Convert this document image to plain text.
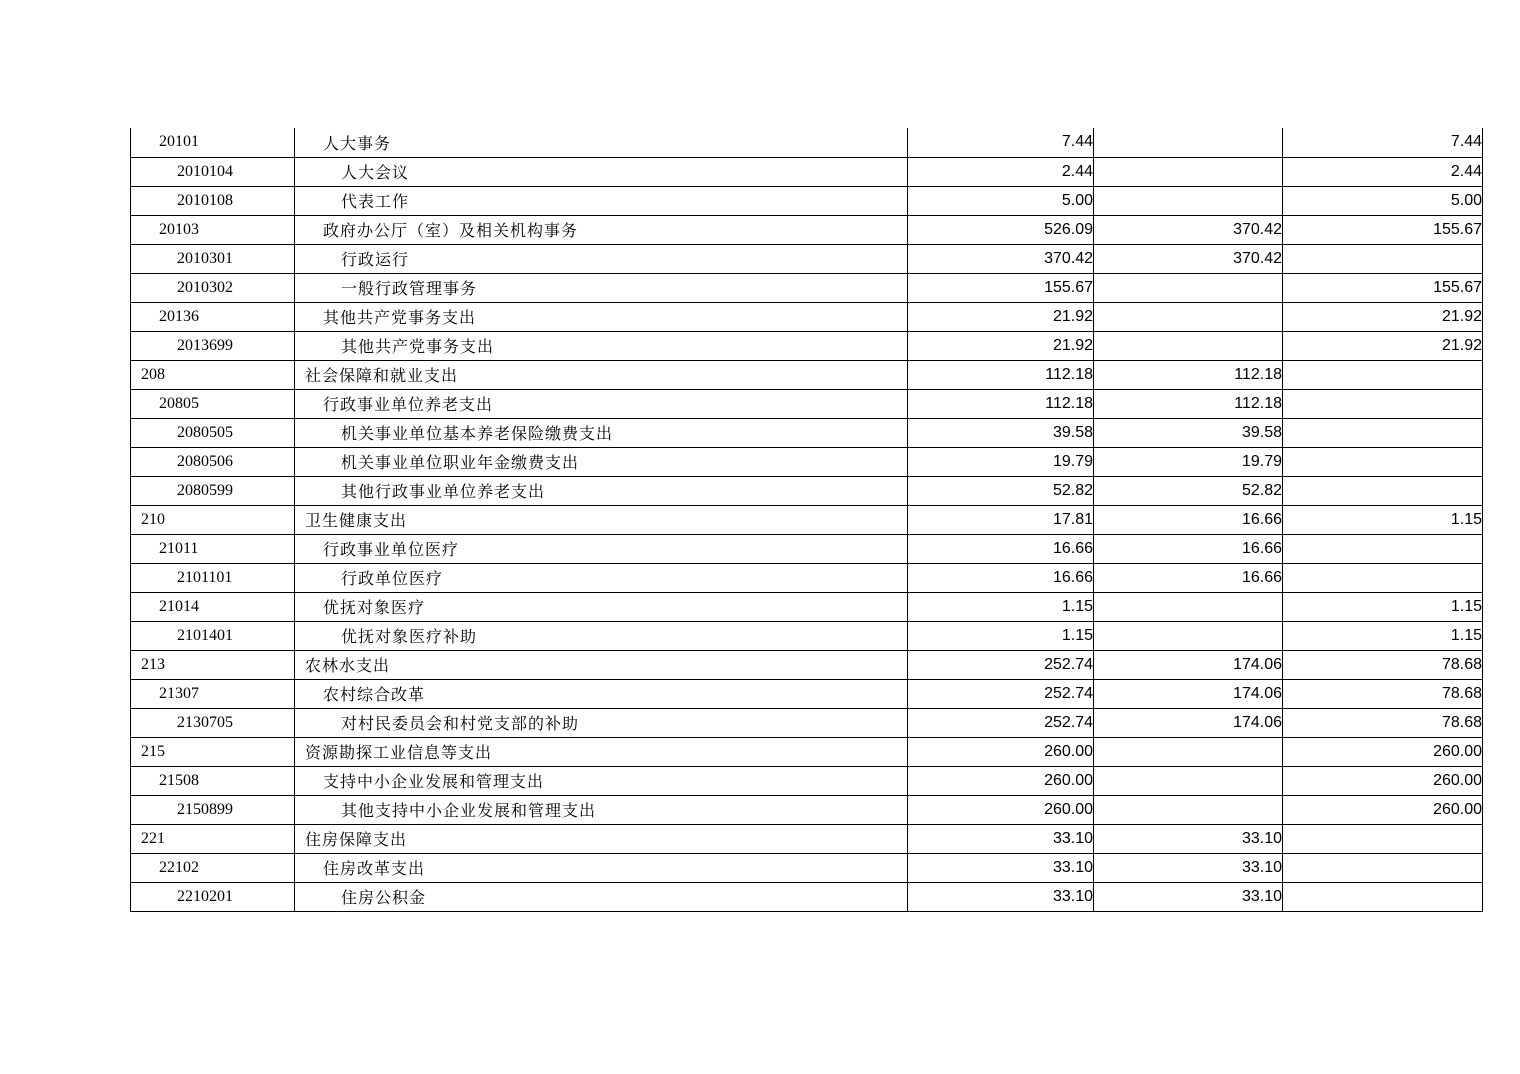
20101	人大事务	7.44		7.44
2010104	人大会议	2.44		2.44
2010108	代表工作	5.00		5.00
20103	政府办公厅（室）及相关机构事务	526.09	370.42	155.67
2010301	行政运行	370.42	370.42	
2010302	一般行政管理事务	155.67		155.67
20136	其他共产党事务支出	21.92		21.92
2013699	其他共产党事务支出	21.92		21.92
208	社会保障和就业支出	112.18	112.18	
20805	行政事业单位养老支出	112.18	112.18	
2080505	机关事业单位基本养老保险缴费支出	39.58	39.58	
2080506	机关事业单位职业年金缴费支出	19.79	19.79	
2080599	其他行政事业单位养老支出	52.82	52.82	
210	卫生健康支出	17.81	16.66	1.15
21011	行政事业单位医疗	16.66	16.66	
2101101	行政单位医疗	16.66	16.66	
21014	优抚对象医疗	1.15		1.15
2101401	优抚对象医疗补助	1.15		1.15
213	农林水支出	252.74	174.06	78.68
21307	农村综合改革	252.74	174.06	78.68
2130705	对村民委员会和村党支部的补助	252.74	174.06	78.68
215	资源勘探工业信息等支出	260.00		260.00
21508	支持中小企业发展和管理支出	260.00		260.00
2150899	其他支持中小企业发展和管理支出	260.00		260.00
221	住房保障支出	33.10	33.10	
22102	住房改革支出	33.10	33.10	
2210201	住房公积金	33.10	33.10	
